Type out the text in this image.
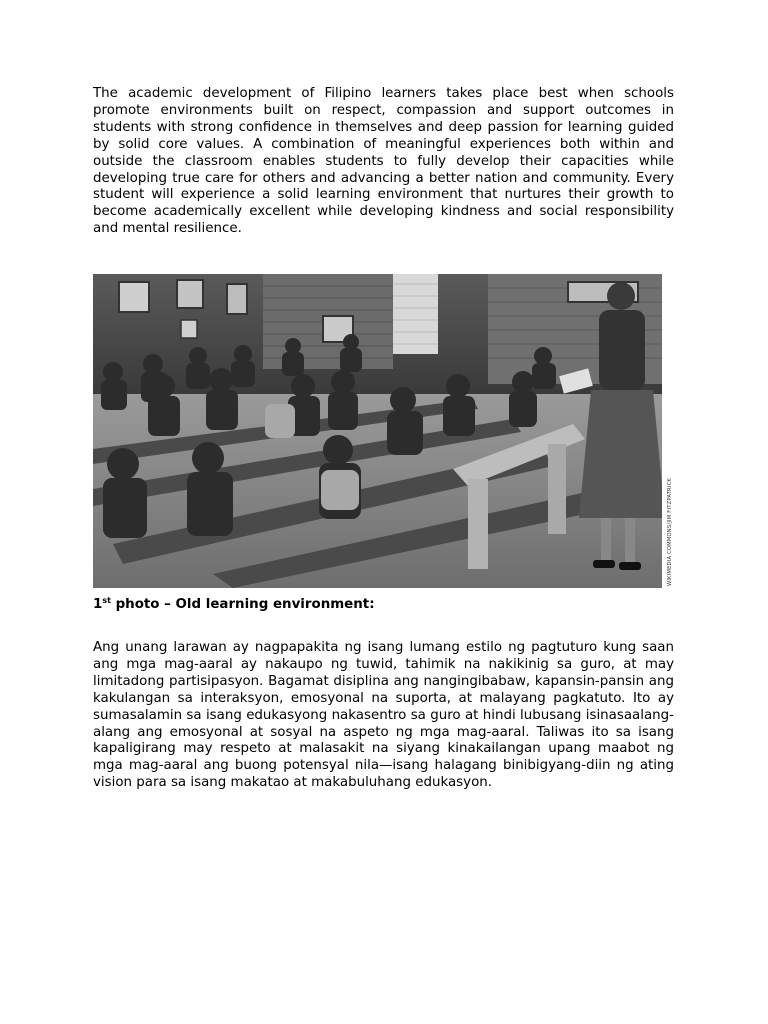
The academic development of Filipino learners takes place best when schools promote environments built on respect, compassion and support outcomes in students with strong confidence in themselves and deep passion for learning guided by solid core values. A combination of meaningful experiences both within and outside the classroom enables students to fully develop their capacities while developing true care for others and advancing a better nation and community. Every student will experience a solid learning environment that nurtures their growth to become academically excellent while developing kindness and social responsibility and mental resilience.

WIKIMEDIA COMMONS/JIM FITZPATRICK

1st photo – Old learning environment:

Ang unang larawan ay nagpapakita ng isang lumang estilo ng pagtuturo kung saan ang mga mag-aaral ay nakaupo ng tuwid, tahimik na nakikinig sa guro, at may limitadong partisipasyon. Bagamat disiplina ang nangingibabaw, kapansin-pansin ang kakulangan sa interaksyon, emosyonal na suporta, at malayang pagkatuto. Ito ay sumasalamin sa isang edukasyong nakasentro sa guro at hindi lubusang isinasaalang-alang ang emosyonal at sosyal na aspeto ng mga mag-aaral. Taliwas ito sa isang kapaligirang may respeto at malasakit na siyang kinakailangan upang maabot ng mga mag-aaral ang buong potensyal nila—isang halagang binibigyang-diin ng ating vision para sa isang makatao at makabuluhang edukasyon.
